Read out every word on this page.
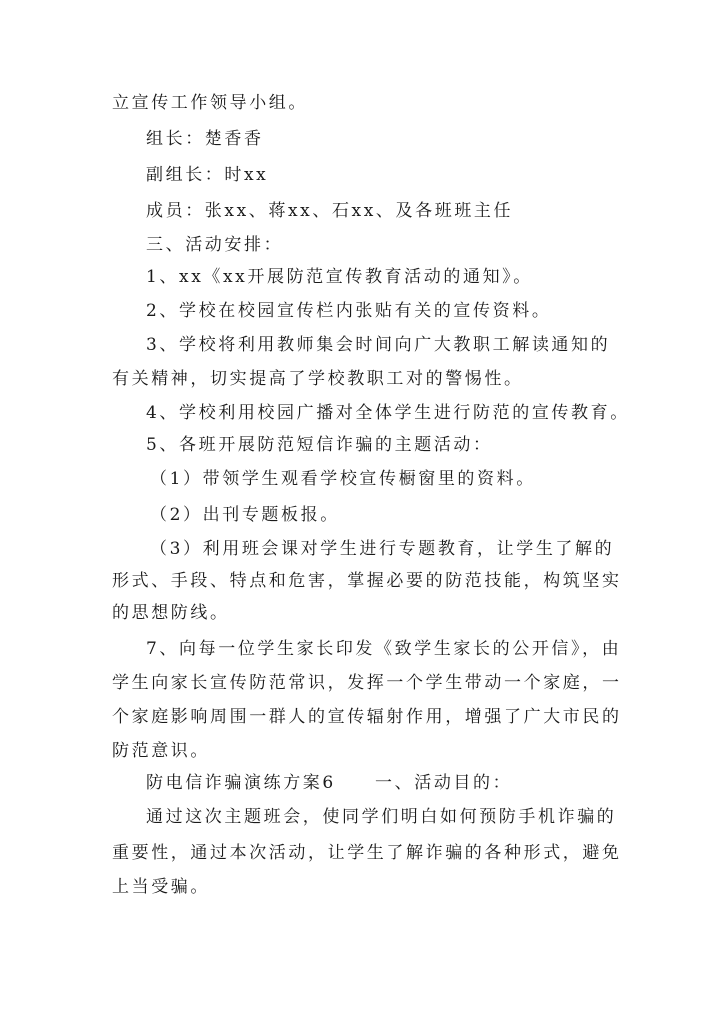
立宣传工作领导小组。
组长：楚香香
副组长：时xx
成员：张xx、蒋xx、石xx、及各班班主任
三、活动安排：
1、xx《xx开展防范宣传教育活动的通知》。
2、学校在校园宣传栏内张贴有关的宣传资料。
3、学校将利用教师集会时间向广大教职工解读通知的
有关精神，切实提高了学校教职工对的警惕性。
4、学校利用校园广播对全体学生进行防范的宣传教育。
5、各班开展防范短信诈骗的主题活动：
（1）带领学生观看学校宣传橱窗里的资料。
（2）出刊专题板报。
（3）利用班会课对学生进行专题教育，让学生了解的
形式、手段、特点和危害，掌握必要的防范技能，构筑坚实
的思想防线。
7、向每一位学生家长印发《致学生家长的公开信》，由
学生向家长宣传防范常识，发挥一个学生带动一个家庭，一
个家庭影响周围一群人的宣传辐射作用，增强了广大市民的
防范意识。
防电信诈骗演练方案6　　一、活动目的：
通过这次主题班会，使同学们明白如何预防手机诈骗的
重要性，通过本次活动，让学生了解诈骗的各种形式，避免
上当受骗。
